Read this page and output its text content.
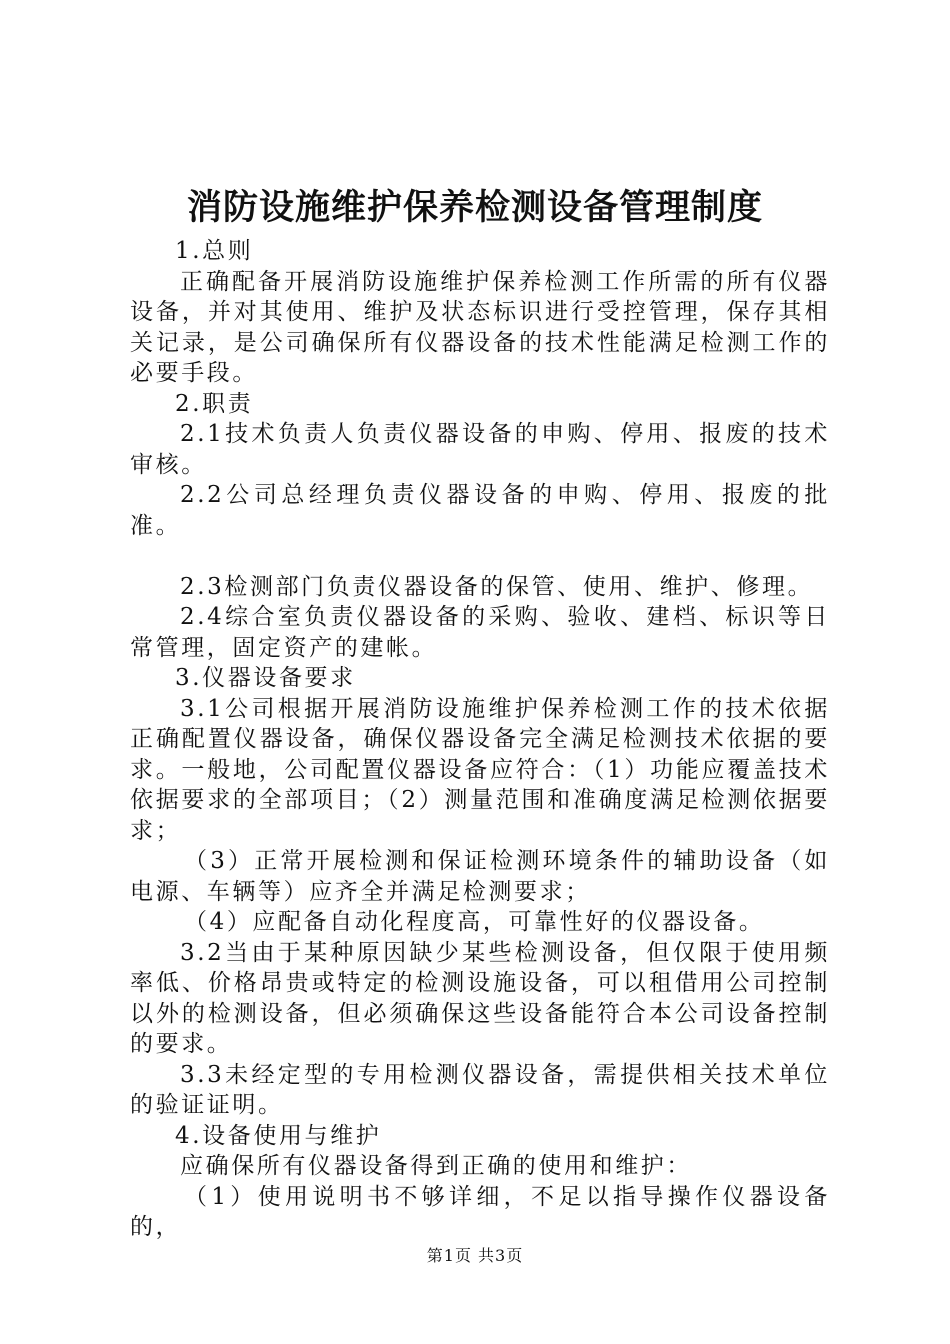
消防设施维护保养检测设备管理制度

1.总则

正确配备开展消防设施维护保养检测工作所需的所有仪器设备，并对其使用、维护及状态标识进行受控管理，保存其相关记录，是公司确保所有仪器设备的技术性能满足检测工作的必要手段。

2.职责

2.1技术负责人负责仪器设备的申购、停用、报废的技术审核。

2.2公司总经理负责仪器设备的申购、停用、报废的批准。

2.3检测部门负责仪器设备的保管、使用、维护、修理。

2.4综合室负责仪器设备的采购、验收、建档、标识等日常管理，固定资产的建帐。

3.仪器设备要求

3.1公司根据开展消防设施维护保养检测工作的技术依据正确配置仪器设备，确保仪器设备完全满足检测技术依据的要求。一般地，公司配置仪器设备应符合：（1）功能应覆盖技术依据要求的全部项目；（2）测量范围和准确度满足检测依据要求；

（3）正常开展检测和保证检测环境条件的辅助设备（如电源、车辆等）应齐全并满足检测要求；

（4）应配备自动化程度高，可靠性好的仪器设备。

3.2当由于某种原因缺少某些检测设备，但仅限于使用频率低、价格昂贵或特定的检测设施设备，可以租借用公司控制以外的检测设备，但必须确保这些设备能符合本公司设备控制的要求。

3.3未经定型的专用检测仪器设备，需提供相关技术单位的验证证明。

4.设备使用与维护

应确保所有仪器设备得到正确的使用和维护：

（1）使用说明书不够详细，不足以指导操作仪器设备的，

第1页 共3页
